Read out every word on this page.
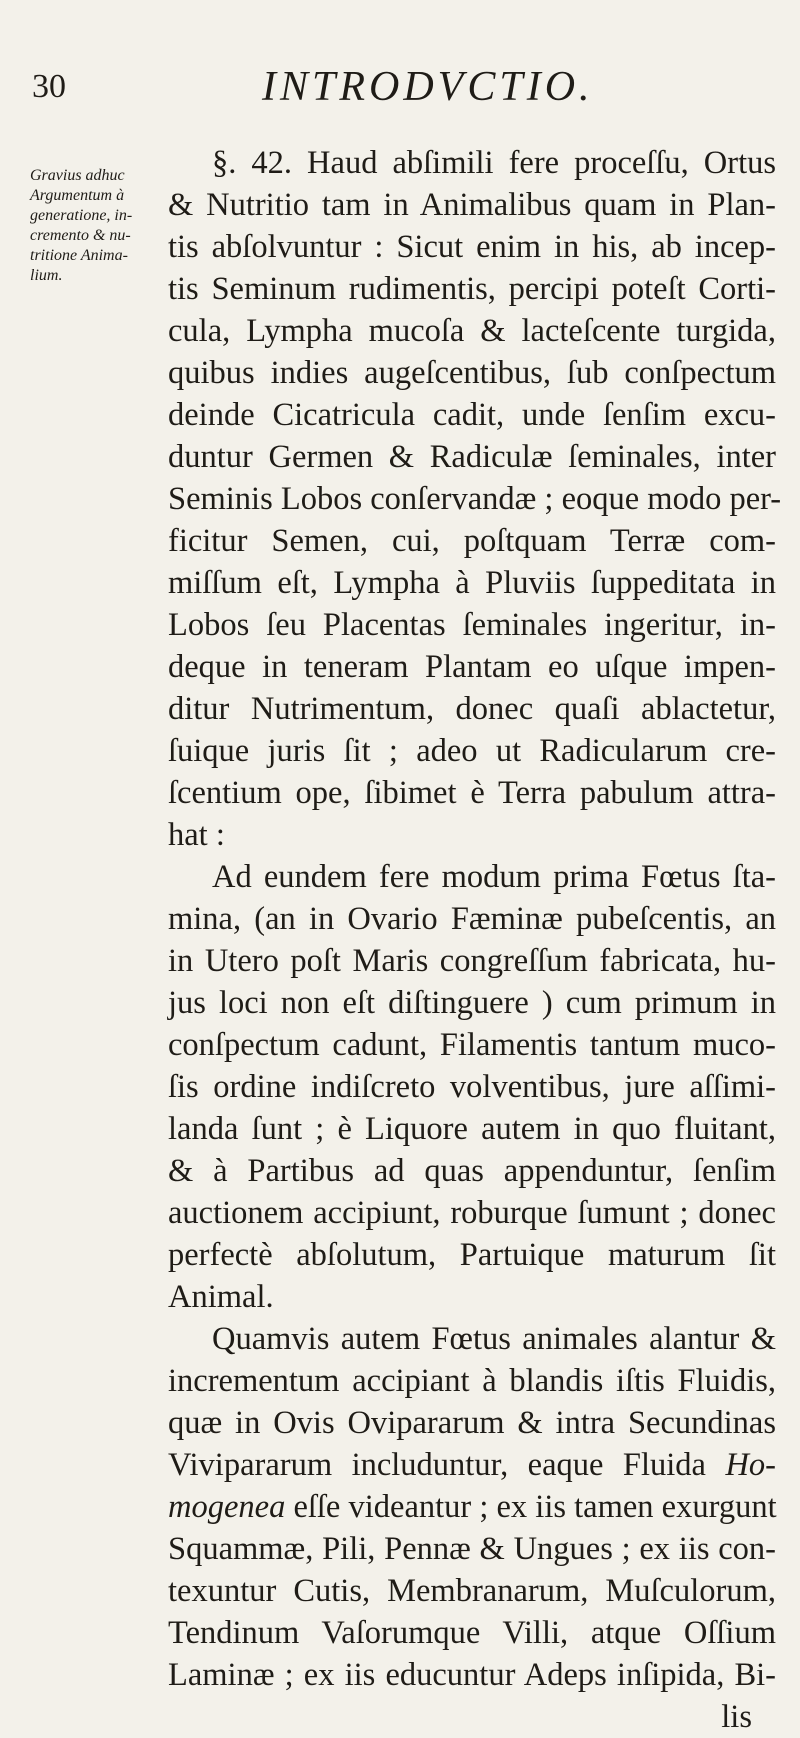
30	INTRODVCTIO.
Gravius adhuc
Argumentum à
generatione, in-
cremento & nu-
tritione Anima-
lium.
§. 42. Haud abſimili fere proceſſu, Ortus
& Nutritio tam in Animalibus quam in Plan-
tis abſolvuntur : Sicut enim in his, ab incep-
tis Seminum rudimentis, percipi poteſt Corti-
cula, Lympha mucoſa & lacteſcente turgida,
quibus indies augeſcentibus, ſub conſpectum
deinde Cicatricula cadit, unde ſenſim excu-
duntur Germen & Radiculæ ſeminales, inter
Seminis Lobos conſervandæ ; eoque modo per-
ficitur Semen, cui, poſtquam Terræ com-
miſſum eſt, Lympha à Pluviis ſuppeditata in
Lobos ſeu Placentas ſeminales ingeritur, in-
deque in teneram Plantam eo uſque impen-
ditur Nutrimentum, donec quaſi ablactetur,
ſuique juris ſit ; adeo ut Radicularum cre-
ſcentium ope, ſibimet è Terra pabulum attra-
hat :
Ad eundem fere modum prima Fœtus ſta-
mina, (an in Ovario Fæminæ pubeſcentis, an
in Utero poſt Maris congreſſum fabricata, hu-
jus loci non eſt diſtinguere ) cum primum in
conſpectum cadunt, Filamentis tantum muco-
ſis ordine indiſcreto volventibus, jure aſſimi-
landa ſunt ; è Liquore autem in quo fluitant,
& à Partibus ad quas appenduntur, ſenſim
auctionem accipiunt, roburque ſumunt ; donec
perfectè abſolutum, Partuique maturum ſit
Animal.
Quamvis autem Fœtus animales alantur &
incrementum accipiant à blandis iſtis Fluidis,
quæ in Ovis Ovipararum & intra Secundinas
Vivipararum includuntur, eaque Fluida Ho-
mogenea eſſe videantur ; ex iis tamen exurgunt
Squammæ, Pili, Pennæ & Ungues ; ex iis con-
texuntur Cutis, Membranarum, Muſculorum,
Tendinum Vaſorumque Villi, atque Oſſium
Laminæ ; ex iis educuntur Adeps inſipida, Bi-
lis
